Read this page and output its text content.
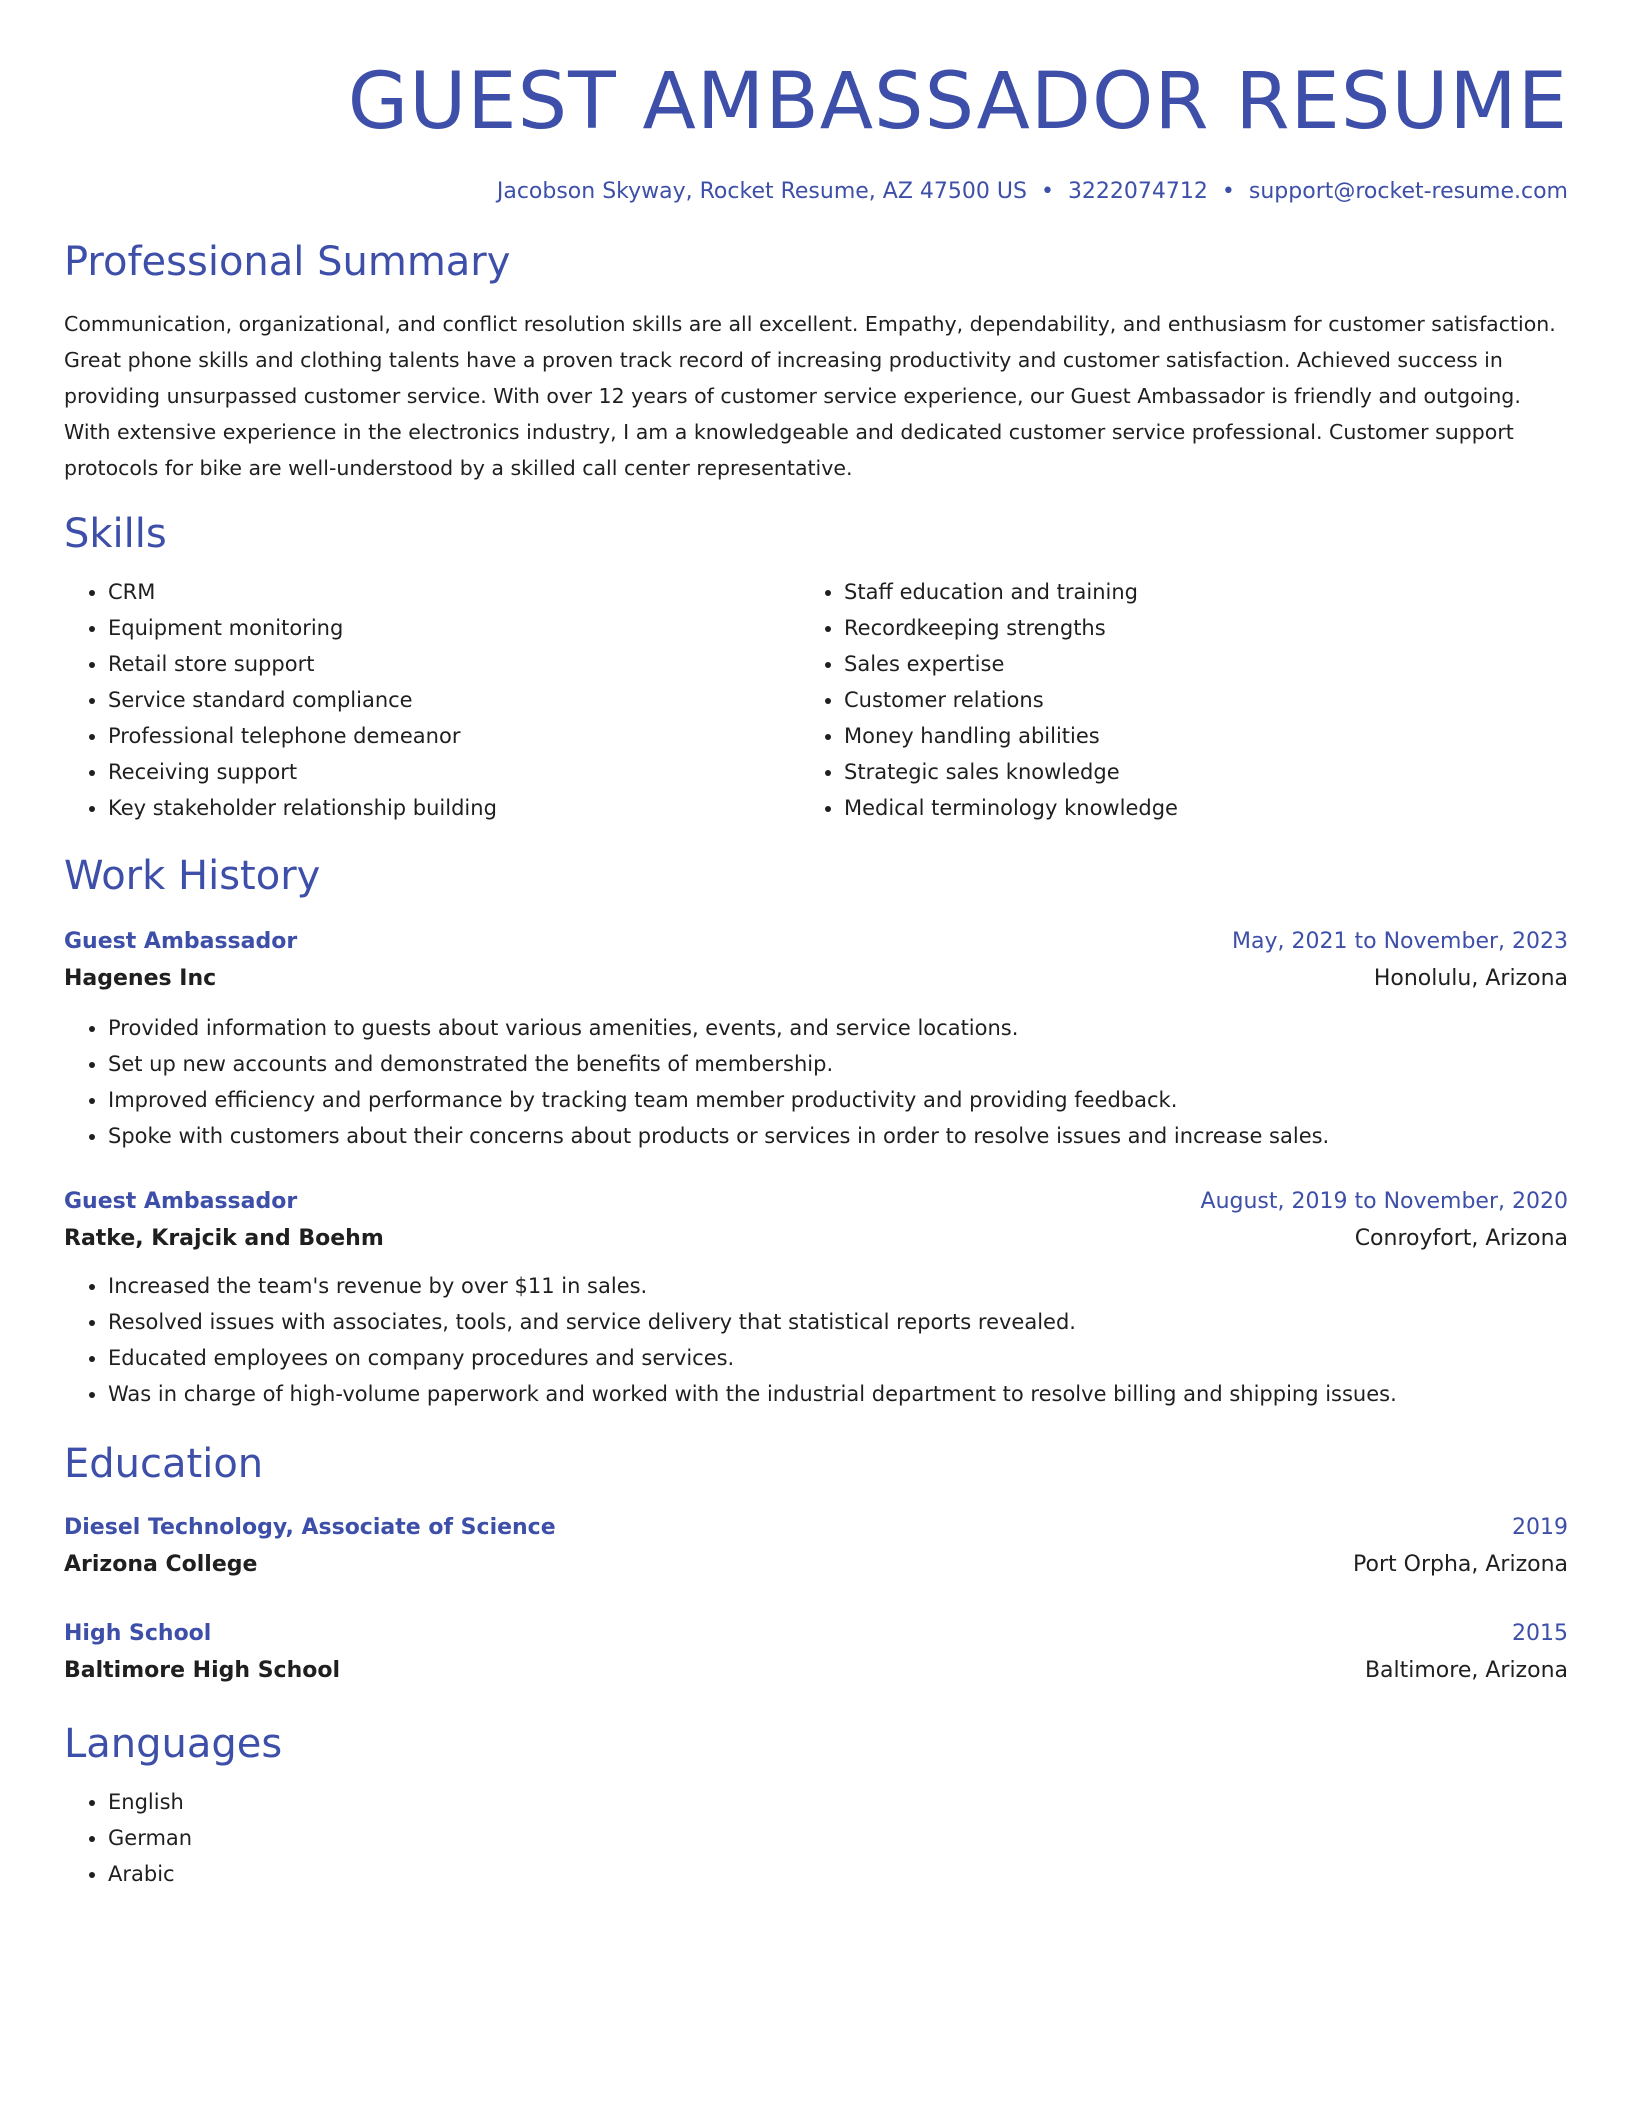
GUEST AMBASSADOR RESUME
Jacobson Skyway, Rocket Resume, AZ 47500 US • 3222074712 • support@rocket-resume.com
Professional Summary
Communication, organizational, and conflict resolution skills are all excellent. Empathy, dependability, and enthusiasm for customer satisfaction. Great phone skills and clothing talents have a proven track record of increasing productivity and customer satisfaction. Achieved success in providing unsurpassed customer service. With over 12 years of customer service experience, our Guest Ambassador is friendly and outgoing. With extensive experience in the electronics industry, I am a knowledgeable and dedicated customer service professional. Customer support protocols for bike are well-understood by a skilled call center representative.
Skills
• CRM
• Equipment monitoring
• Retail store support
• Service standard compliance
• Professional telephone demeanor
• Receiving support
• Key stakeholder relationship building
• Staff education and training
• Recordkeeping strengths
• Sales expertise
• Customer relations
• Money handling abilities
• Strategic sales knowledge
• Medical terminology knowledge
Work History
Guest Ambassador	May, 2021 to November, 2023
Hagenes Inc	Honolulu, Arizona
• Provided information to guests about various amenities, events, and service locations.
• Set up new accounts and demonstrated the benefits of membership.
• Improved efficiency and performance by tracking team member productivity and providing feedback.
• Spoke with customers about their concerns about products or services in order to resolve issues and increase sales.
Guest Ambassador	August, 2019 to November, 2020
Ratke, Krajcik and Boehm	Conroyfort, Arizona
• Increased the team's revenue by over $11 in sales.
• Resolved issues with associates, tools, and service delivery that statistical reports revealed.
• Educated employees on company procedures and services.
• Was in charge of high-volume paperwork and worked with the industrial department to resolve billing and shipping issues.
Education
Diesel Technology, Associate of Science	2019
Arizona College	Port Orpha, Arizona
High School	2015
Baltimore High School	Baltimore, Arizona
Languages
• English
• German
• Arabic
